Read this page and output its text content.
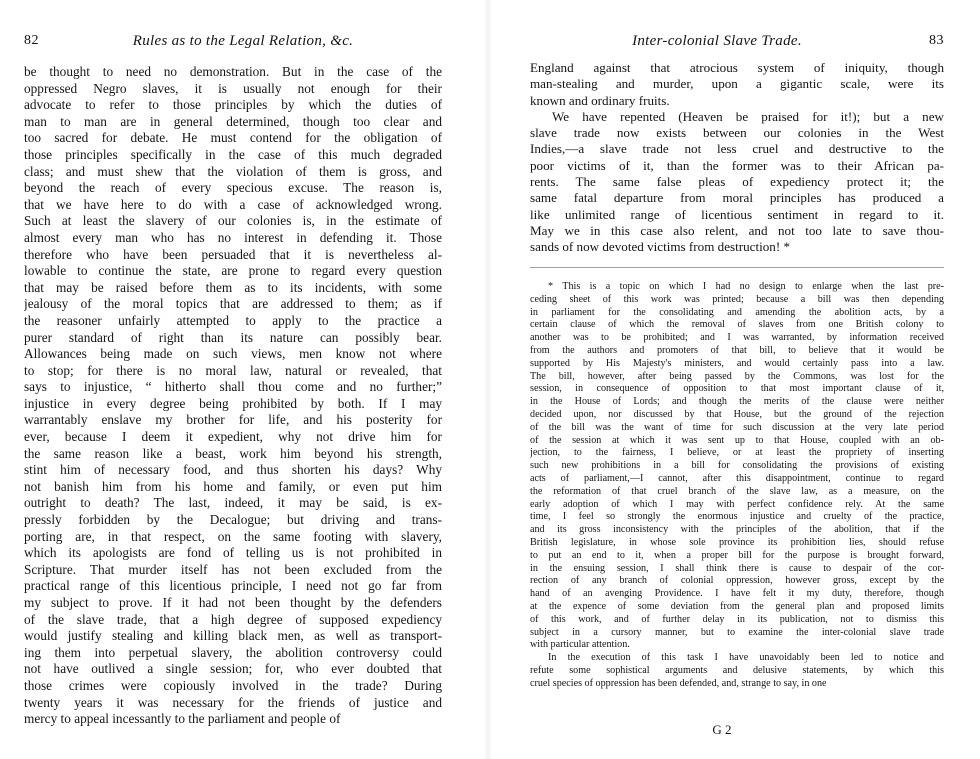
82	Rules as to the Legal Relation, &c.
be thought to need no demonstration. But in the case of the
oppressed Negro slaves, it is usually not enough for their
advocate to refer to those principles by which the duties of
man to man are in general determined, though too clear and
too sacred for debate. He must contend for the obligation of
those principles specifically in the case of this much degraded
class; and must shew that the violation of them is gross, and
beyond the reach of every specious excuse. The reason is,
that we have here to do with a case of acknowledged wrong.
Such at least the slavery of our colonies is, in the estimate of
almost every man who has no interest in defending it. Those
therefore who have been persuaded that it is nevertheless al-
lowable to continue the state, are prone to regard every question
that may be raised before them as to its incidents, with some
jealousy of the moral topics that are addressed to them; as if
the reasoner unfairly attempted to apply to the practice a
purer standard of right than its nature can possibly bear.
Allowances being made on such views, men know not where
to stop; for there is no moral law, natural or revealed, that
says to injustice, “ hitherto shall thou come and no further;”
injustice in every degree being prohibited by both. If I may
warrantably enslave my brother for life, and his posterity for
ever, because I deem it expedient, why not drive him for
the same reason like a beast, work him beyond his strength,
stint him of necessary food, and thus shorten his days? Why
not banish him from his home and family, or even put him
outright to death? The last, indeed, it may be said, is ex-
pressly forbidden by the Decalogue; but driving and trans-
porting are, in that respect, on the same footing with slavery,
which its apologists are fond of telling us is not prohibited in
Scripture. That murder itself has not been excluded from the
practical range of this licentious principle, I need not go far from
my subject to prove. If it had not been thought by the defenders
of the slave trade, that a high degree of supposed expediency
would justify stealing and killing black men, as well as transport-
ing them into perpetual slavery, the abolition controversy could
not have outlived a single session; for, who ever doubted that
those crimes were copiously involved in the trade? During
twenty years it was necessary for the friends of justice and
mercy to appeal incessantly to the parliament and people of
Inter-colonial Slave Trade.	83
England against that atrocious system of iniquity, though
man-stealing and murder, upon a gigantic scale, were its
known and ordinary fruits.
We have repented (Heaven be praised for it!); but a new
slave trade now exists between our colonies in the West
Indies,—a slave trade not less cruel and destructive to the
poor victims of it, than the former was to their African pa-
rents. The same false pleas of expediency protect it; the
same fatal departure from moral principles has produced a
like unlimited range of licentious sentiment in regard to it.
May we in this case also relent, and not too late to save thou-
sands of now devoted victims from destruction! *
* This is a topic on which I had no design to enlarge when the last pre-
ceding sheet of this work was printed; because a bill was then depending
in parliament for the consolidating and amending the abolition acts, by a
certain clause of which the removal of slaves from one British colony to
another was to be prohibited; and I was warranted, by information received
from the authors and promoters of that bill, to believe that it would be
supported by His Majesty's ministers, and would certainly pass into a law.
The bill, however, after being passed by the Commons, was lost for the
session, in consequence of opposition to that most important clause of it,
in the House of Lords; and though the merits of the clause were neither
decided upon, nor discussed by that House, but the ground of the rejection
of the bill was the want of time for such discussion at the very late period
of the session at which it was sent up to that House, coupled with an ob-
jection, to the fairness, I believe, or at least the propriety of inserting
such new prohibitions in a bill for consolidating the provisions of existing
acts of parliament,—I cannot, after this disappointment, continue to regard
the reformation of that cruel branch of the slave law, as a measure, on the
early adoption of which I may with perfect confidence rely. At the same
time, I feel so strongly the enormous injustice and cruelty of the practice,
and its gross inconsistency with the principles of the abolition, that if the
British legislature, in whose sole province its prohibition lies, should refuse
to put an end to it, when a proper bill for the purpose is brought forward,
in the ensuing session, I shall think there is cause to despair of the cor-
rection of any branch of colonial oppression, however gross, except by the
hand of an avenging Providence. I have felt it my duty, therefore, though
at the expence of some deviation from the general plan and proposed limits
of this work, and of further delay in its publication, not to dismiss this
subject in a cursory manner, but to examine the inter-colonial slave trade
with particular attention.
In the execution of this task I have unavoidably been led to notice and
refute some sophistical arguments and delusive statements, by which this
cruel species of oppression has been defended, and, strange to say, in one
G 2
